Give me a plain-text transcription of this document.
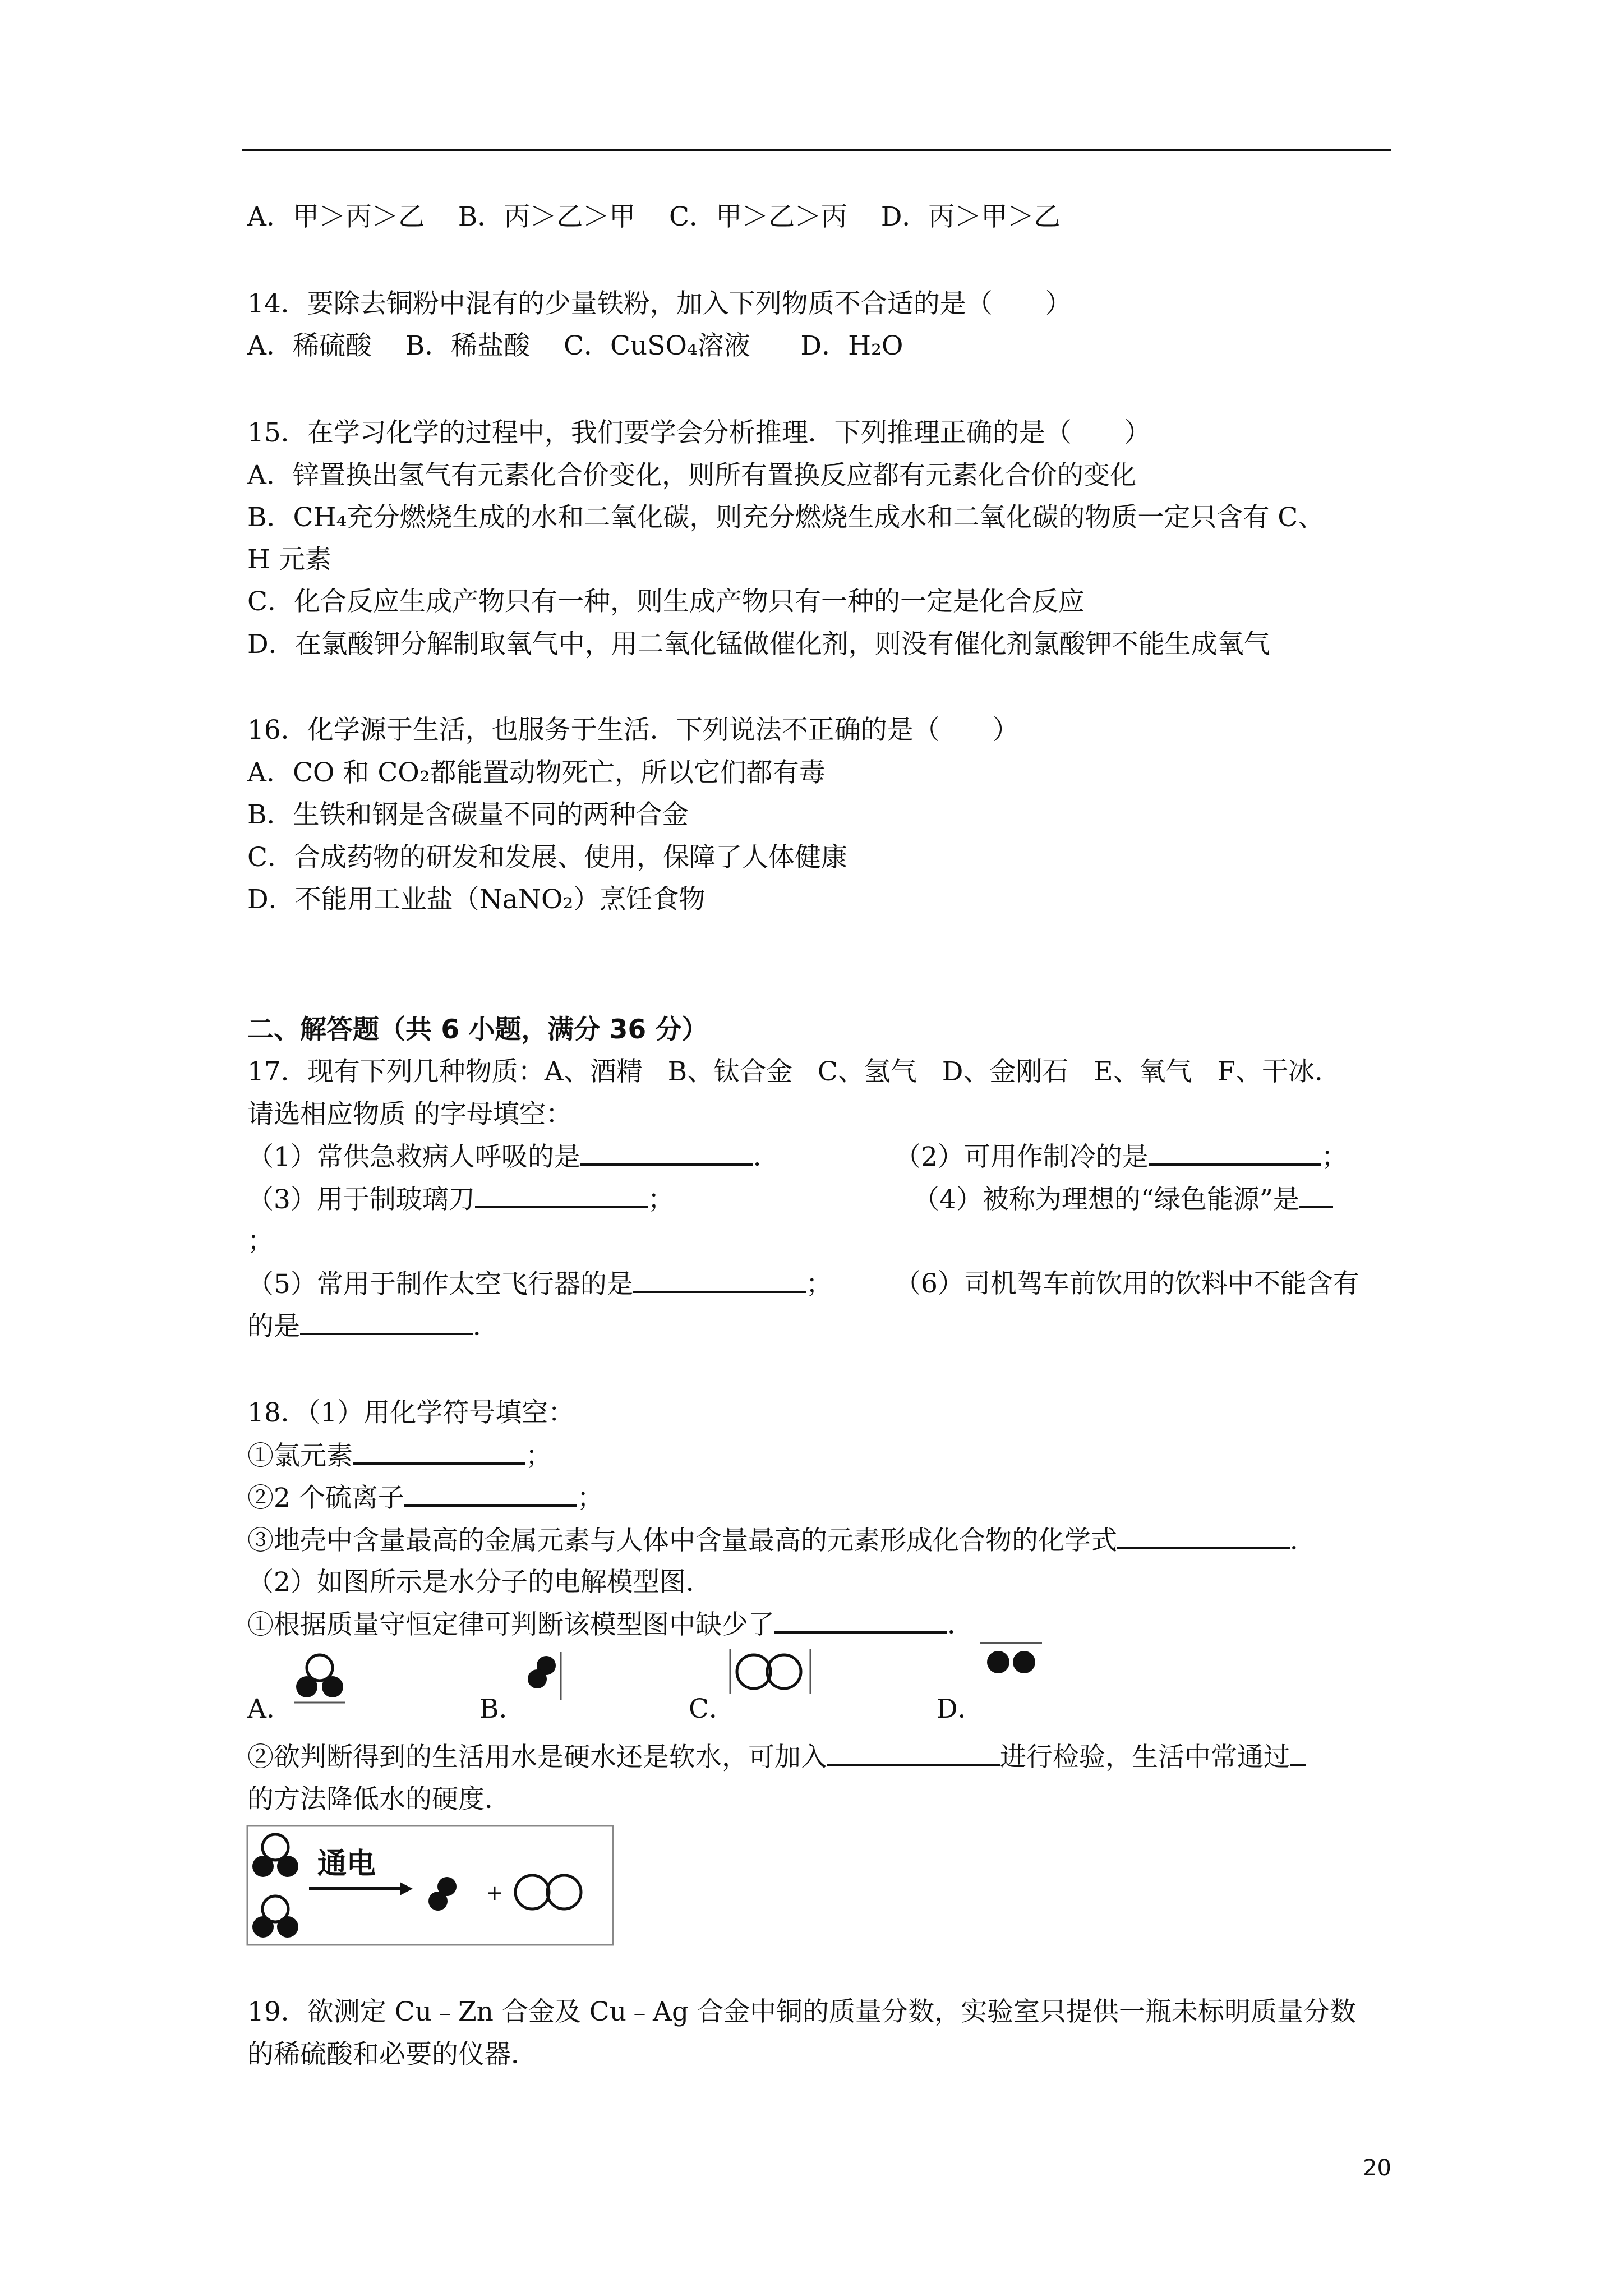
A．甲＞丙＞乙    B．丙＞乙＞甲    C．甲＞乙＞丙    D．丙＞甲＞乙
14．要除去铜粉中混有的少量铁粉，加入下列物质不合适的是（　　）
A．稀硫酸    B．稀盐酸    C．CuSO₄溶液      D．H₂O
15．在学习化学的过程中，我们要学会分析推理．下列推理正确的是（　　）
A．锌置换出氢气有元素化合价变化，则所有置换反应都有元素化合价的变化
B．CH₄充分燃烧生成的水和二氧化碳，则充分燃烧生成水和二氧化碳的物质一定只含有 C、
H 元素
C．化合反应生成产物只有一种，则生成产物只有一种的一定是化合反应
D．在氯酸钾分解制取氧气中，用二氧化锰做催化剂，则没有催化剂氯酸钾不能生成氧气
16．化学源于生活，也服务于生活．下列说法不正确的是（　　）
A．CO 和 CO₂都能置动物死亡，所以它们都有毒
B．生铁和钢是含碳量不同的两种合金
C．合成药物的研发和发展、使用，保障了人体健康
D．不能用工业盐（NaNO₂）烹饪食物
二、解答题（共 6 小题，满分 36 分）
17．现有下列几种物质：A、酒精   B、钛合金   C、氢气   D、金刚石   E、氧气   F、干冰．
请选相应物质 的字母填空：
（1）常供急救病人呼吸的是	．	（2）可用作制冷的是	；
（3）用于制玻璃刀	；	（4）被称为理想的“绿色能源”是
；
（5）常用于制作太空飞行器的是	； （6）司机驾车前饮用的饮料中不能含有
的是	．
18．（1）用化学符号填空：
①氯元素	；
②2 个硫离子	；
③地壳中含量最高的金属元素与人体中含量最高的元素形成化合物的化学式	．
（2）如图所示是水分子的电解模型图．
①根据质量守恒定律可判断该模型图中缺少了	．
A．	B．	C．	D．
②欲判断得到的生活用水是硬水还是软水，可加入	进行检验，生活中常通过
的方法降低水的硬度．
通电
+
19．欲测定 Cu﹣Zn 合金及 Cu﹣Ag 合金中铜的质量分数，实验室只提供一瓶未标明质量分数
的稀硫酸和必要的仪器．
20
